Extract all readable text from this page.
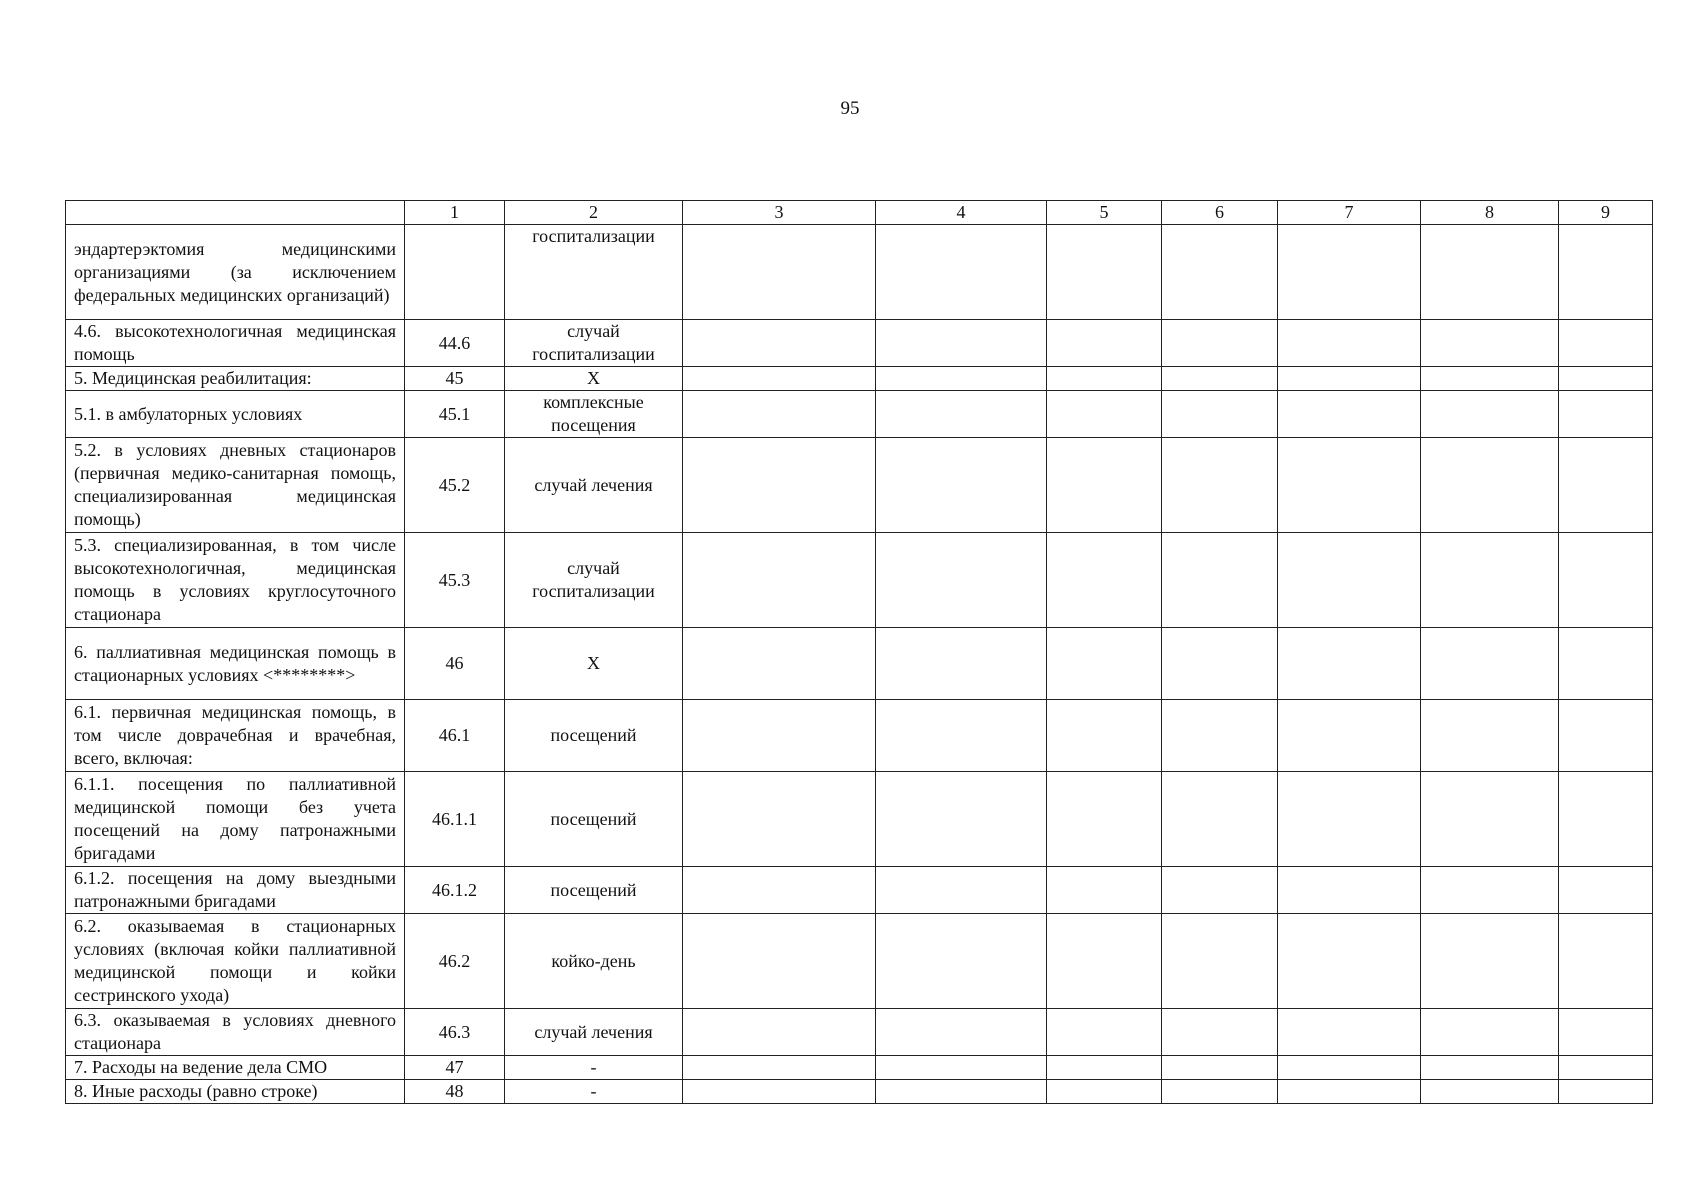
95
	1	2	3	4	5	6	7	8	9
эндартерэктомия медицинскими организациями (за исключением федеральных медицинских организаций)		госпитализации							
4.6. высокотехнологичная медицинская помощь	44.6	случай госпитализации							
5. Медицинская реабилитация:	45	Х							
5.1. в амбулаторных условиях	45.1	комплексные посещения							
5.2. в условиях дневных стационаров (первичная медико-санитарная помощь, специализированная медицинская помощь)	45.2	случай лечения							
5.3. специализированная, в том числе высокотехнологичная, медицинская помощь в условиях круглосуточного стационара	45.3	случай госпитализации							
6. паллиативная медицинская помощь в стационарных условиях <********>	46	Х							
6.1. первичная медицинская помощь, в том числе доврачебная и врачебная, всего, включая:	46.1	посещений							
6.1.1. посещения по паллиативной медицинской помощи без учета посещений на дому патронажными бригадами	46.1.1	посещений							
6.1.2. посещения на дому выездными патронажными бригадами	46.1.2	посещений							
6.2. оказываемая в стационарных условиях (включая койки паллиативной медицинской помощи и койки сестринского ухода)	46.2	койко-день							
6.3. оказываемая в условиях дневного стационара	46.3	случай лечения							
7. Расходы на ведение дела СМО	47	-							
8. Иные расходы (равно строке)	48	-							
